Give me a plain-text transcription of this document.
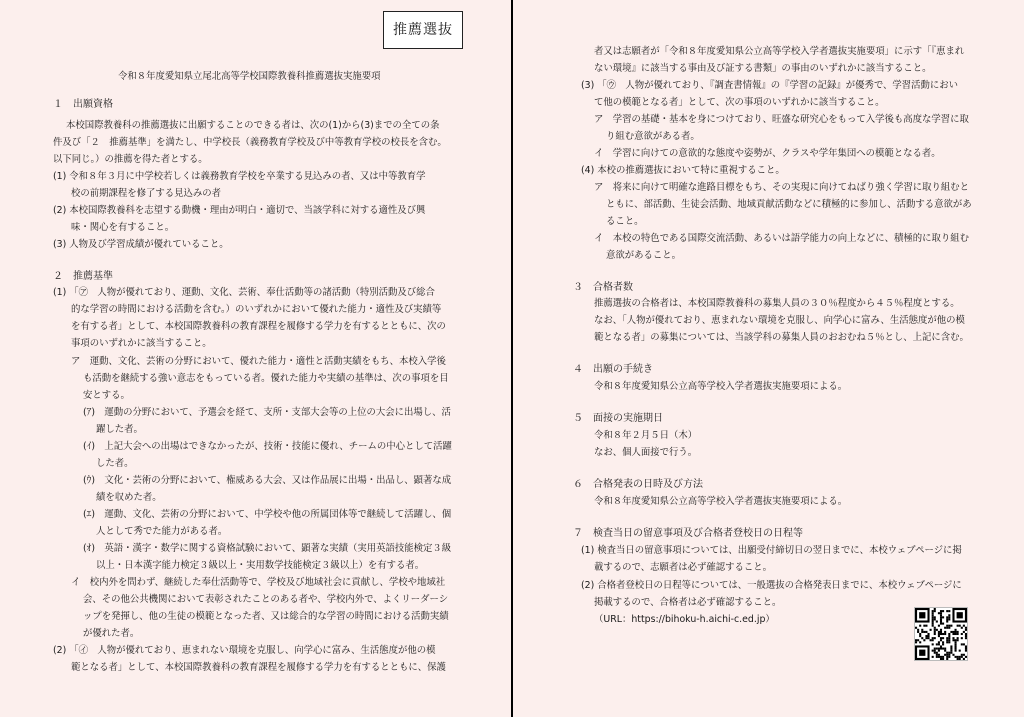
推薦選抜
１　出願資格
本校国際教養科の推薦選抜に出願することのできる者は、次の(1)から(3)までの全ての条
件及び「２　推薦基準」を満たし、中学校長（義務教育学校及び中等教育学校の校長を含む。
以下同じ。）の推薦を得た者とする。
(1) 令和８年３月に中学校若しくは義務教育学校を卒業する見込みの者、又は中等教育学
校の前期課程を修了する見込みの者
(2) 本校国際教養科を志望する動機・理由が明白・適切で、当該学科に対する適性及び興
味・関心を有すること。
(3) 人物及び学習成績が優れていること。
２　推薦基準
(1) 「㋐　人物が優れており、運動、文化、芸術、奉仕活動等の諸活動（特別活動及び総合
的な学習の時間における活動を含む。）のいずれかにおいて優れた能力・適性及び実績等
を有する者」として、本校国際教養科の教育課程を履修する学力を有するとともに、次の
事項のいずれかに該当すること。
ア　運動、文化、芸術の分野において、優れた能力・適性と活動実績をもち、本校入学後
も活動を継続する強い意志をもっている者。優れた能力や実績の基準は、次の事項を目
安とする。
(ｱ)　運動の分野において、予選会を経て、支所・支部大会等の上位の大会に出場し、活
躍した者。
(ｲ)　上記大会への出場はできなかったが、技術・技能に優れ、チームの中心として活躍
した者。
(ｳ)　文化・芸術の分野において、権威ある大会、又は作品展に出場・出品し、顕著な成
績を収めた者。
(ｴ)　運動、文化、芸術の分野において、中学校や他の所属団体等で継続して活躍し、個
人として秀でた能力がある者。
(ｵ)　英語・漢字・数学に関する資格試験において、顕著な実績（実用英語技能検定３級
以上・日本漢字能力検定３級以上・実用数学技能検定３級以上）を有する者。
イ　校内外を問わず、継続した奉仕活動等で、学校及び地域社会に貢献し、学校や地域社
会、その他公共機関において表彰されたことのある者や、学校内外で、よくリーダーシ
ップを発揮し、他の生徒の模範となった者、又は総合的な学習の時間における活動実績
が優れた者。
(2) 「㋑　人物が優れており、恵まれない環境を克服し、向学心に富み、生活態度が他の模
範となる者」として、本校国際教養科の教育課程を履修する学力を有するとともに、保護
令和８年度愛知県立尾北高等学校国際教養科推薦選抜実施要項
者又は志願者が「令和８年度愛知県公立高等学校入学者選抜実施要項」に示す「『恵まれ
ない環境』に該当する事由及び証する書類」の事由のいずれかに該当すること。
(3) 「㋒　人物が優れており、『調査書情報』の『学習の記録』が優秀で、学習活動におい
て他の模範となる者」として、次の事項のいずれかに該当すること。
ア　学習の基礎・基本を身につけており、旺盛な研究心をもって入学後も高度な学習に取
り組む意欲がある者。
イ　学習に向けての意欲的な態度や姿勢が、クラスや学年集団への模範となる者。
(4) 本校の推薦選抜において特に重視すること。
ア　将来に向けて明確な進路目標をもち、その実現に向けてねばり強く学習に取り組むと
ともに、部活動、生徒会活動、地域貢献活動などに積極的に参加し、活動する意欲があ
ること。
イ　本校の特色である国際交流活動、あるいは語学能力の向上などに、積極的に取り組む
意欲があること。
３　合格者数
推薦選抜の合格者は、本校国際教養科の募集人員の３０％程度から４５％程度とする。
なお、「人物が優れており、恵まれない環境を克服し、向学心に富み、生活態度が他の模
範となる者」の募集については、当該学科の募集人員のおおむね５％とし、上記に含む。
４　出願の手続き
令和８年度愛知県公立高等学校入学者選抜実施要項による。
５　面接の実施期日
令和８年２月５日（木）
なお、個人面接で行う。
６　合格発表の日時及び方法
令和８年度愛知県公立高等学校入学者選抜実施要項による。
７　検査当日の留意事項及び合格者登校日の日程等
(1) 検査当日の留意事項については、出願受付締切日の翌日までに、本校ウェブページに掲
載するので、志願者は必ず確認すること。
(2) 合格者登校日の日程等については、一般選抜の合格発表日までに、本校ウェブページに
掲載するので、合格者は必ず確認すること。
（URL：https://bihoku-h.aichi-c.ed.jp）
